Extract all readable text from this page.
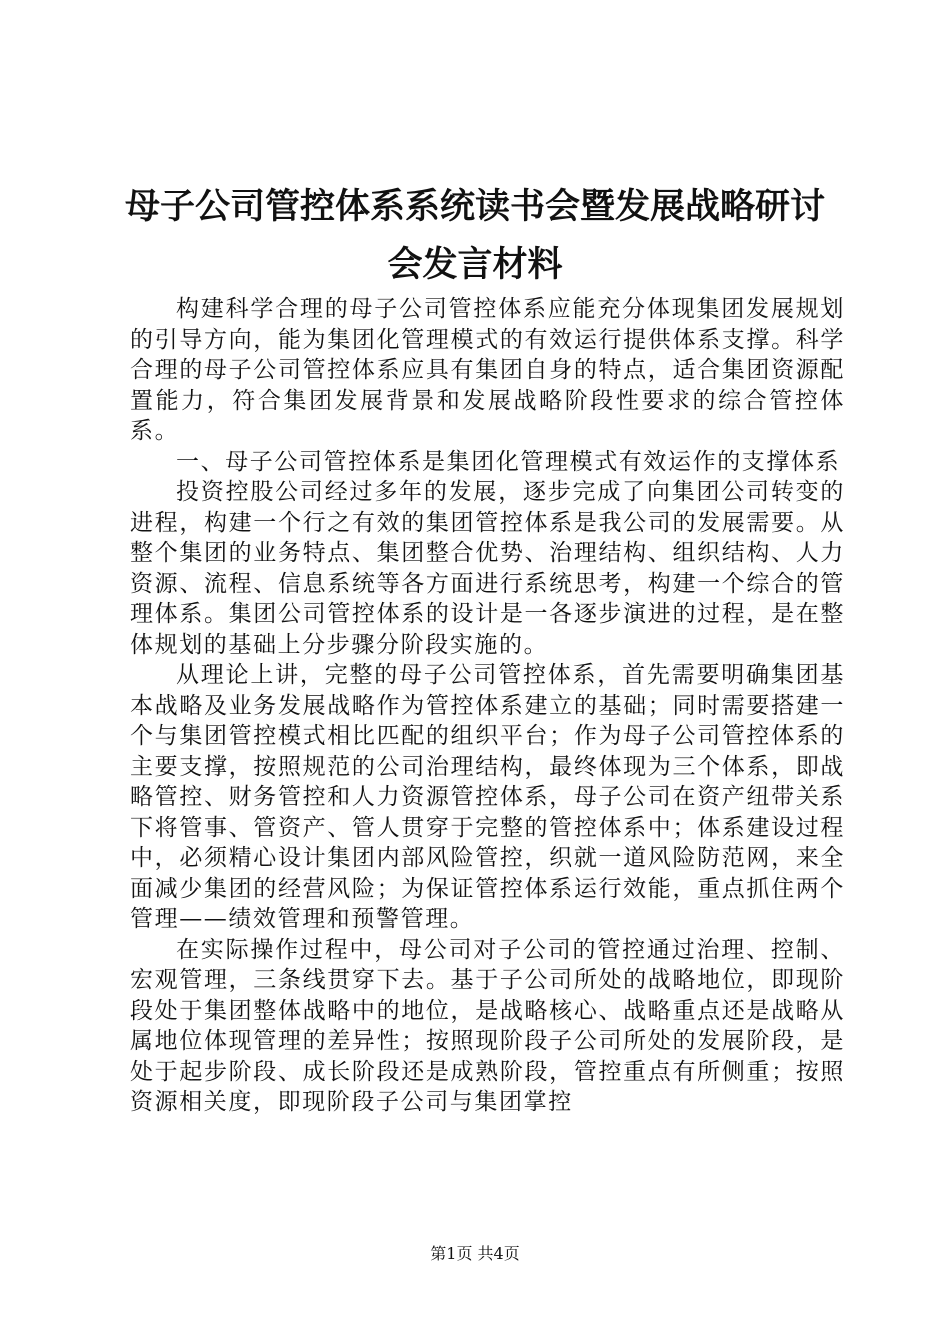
母子公司管控体系系统读书会暨发展战略研讨会发言材料

构建科学合理的母子公司管控体系应能充分体现集团发展规划的引导方向，能为集团化管理模式的有效运行提供体系支撑。科学合理的母子公司管控体系应具有集团自身的特点，适合集团资源配置能力，符合集团发展背景和发展战略阶段性要求的综合管控体系。

一、母子公司管控体系是集团化管理模式有效运作的支撑体系

投资控股公司经过多年的发展，逐步完成了向集团公司转变的进程，构建一个行之有效的集团管控体系是我公司的发展需要。从整个集团的业务特点、集团整合优势、治理结构、组织结构、人力资源、流程、信息系统等各方面进行系统思考，构建一个综合的管理体系。集团公司管控体系的设计是一各逐步演进的过程，是在整体规划的基础上分步骤分阶段实施的。

从理论上讲，完整的母子公司管控体系，首先需要明确集团基本战略及业务发展战略作为管控体系建立的基础；同时需要搭建一个与集团管控模式相比匹配的组织平台；作为母子公司管控体系的主要支撑，按照规范的公司治理结构，最终体现为三个体系，即战略管控、财务管控和人力资源管控体系，母子公司在资产纽带关系下将管事、管资产、管人贯穿于完整的管控体系中；体系建设过程中，必须精心设计集团内部风险管控，织就一道风险防范网，来全面减少集团的经营风险；为保证管控体系运行效能，重点抓住两个管理——绩效管理和预警管理。

在实际操作过程中，母公司对子公司的管控通过治理、控制、宏观管理，三条线贯穿下去。基于子公司所处的战略地位，即现阶段处于集团整体战略中的地位，是战略核心、战略重点还是战略从属地位体现管理的差异性；按照现阶段子公司所处的发展阶段，是处于起步阶段、成长阶段还是成熟阶段，管控重点有所侧重；按照资源相关度，即现阶段子公司与集团掌控

第1页 共4页
